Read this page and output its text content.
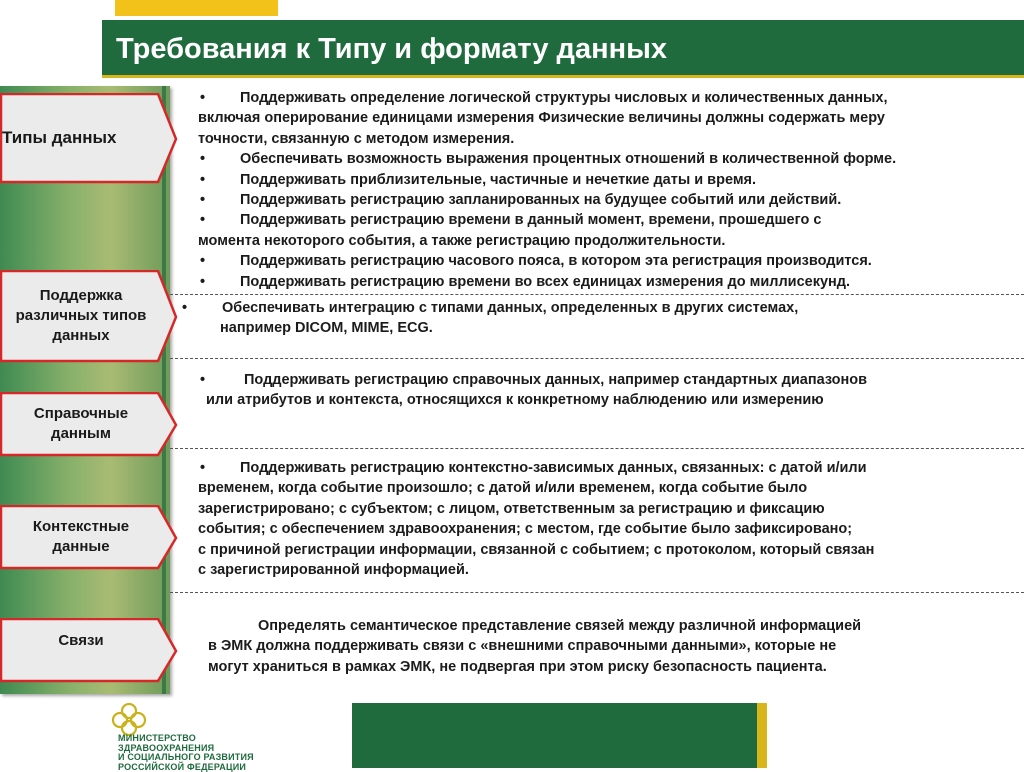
Требования к Типу и формату данных
Типы данных
Поддержка различных типов данных
Справочные данным
Контекстные данные
Связи

• Поддерживать определение логической структуры числовых и количественных данных,

включая оперирование единицами измерения Физические величины должны содержать меру

точности, связанную с методом измерения.

• Обеспечивать возможность выражения процентных отношений в количественной форме.

• Поддерживать приблизительные, частичные и нечеткие даты и время.

• Поддерживать регистрацию запланированных на будущее событий или действий.

• Поддерживать регистрацию времени в данный момент, времени, прошедшего с

момента некоторого события, а также регистрацию продолжительности.

• Поддерживать регистрацию часового пояса, в котором эта регистрация производится.

• Поддерживать регистрацию времени во всех единицах измерения до миллисекунд.

• Обеспечивать интеграцию с типами данных, определенных в других системах,

например DICOM, MIME, ECG.

•	Поддерживать регистрацию справочных данных, например стандартных диапазонов

или атрибутов и контекста, относящихся к конкретному наблюдению или измерению

• Поддерживать регистрацию контекстно-зависимых данных, связанных: с датой и/или

временем, когда событие произошло; с датой и/или временем, когда событие было

зарегистрировано; с субъектом; с лицом, ответственным за регистрацию и фиксацию

события; с обеспечением здравоохранения; с местом, где событие было зафиксировано;

с причиной регистрации информации, связанной с событием; с протоколом, который связан

с зарегистрированной информацией.

Определять семантическое представление связей между различной информацией

в ЭМК должна поддерживать связи с «внешними справочными данными», которые не

могут храниться в рамках ЭМК, не подвергая при этом риску безопасность пациента.

МИНИСТЕРСТВО
ЗДРАВООХРАНЕНИЯ
И СОЦИАЛЬНОГО РАЗВИТИЯ
РОССИЙСКОЙ ФЕДЕРАЦИИ
